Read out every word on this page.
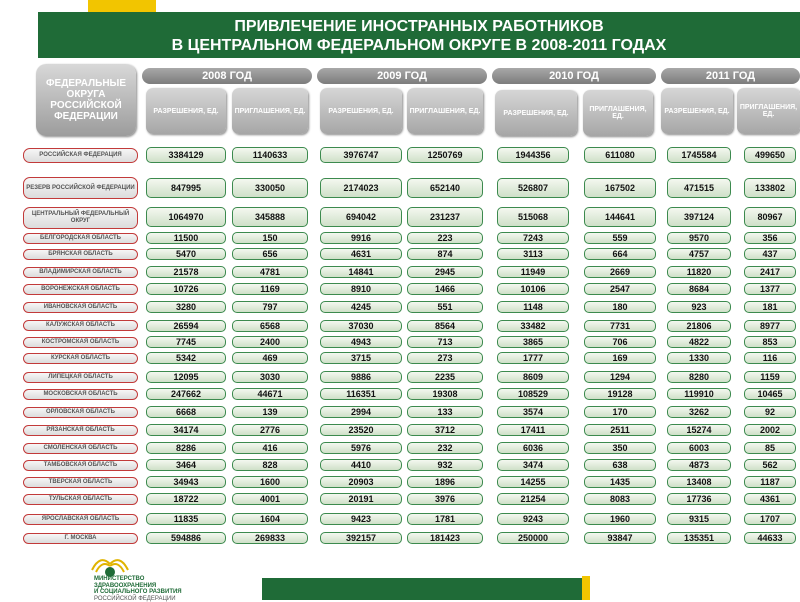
ПРИВЛЕЧЕНИЕ ИНОСТРАННЫХ РАБОТНИКОВ
В ЦЕНТРАЛЬНОМ ФЕДЕРАЛЬНОМ ОКРУГЕ В 2008-2011 ГОДАХ
ФЕДЕРАЛЬНЫЕ ОКРУГА РОССИЙСКОЙ ФЕДЕРАЦИИ
2008 ГОД	2009 ГОД	2010 ГОД	2011 ГОД
РАЗРЕШЕНИЯ, ЕД.	ПРИГЛАШЕНИЯ, ЕД.	РАЗРЕШЕНИЯ, ЕД.	ПРИГЛАШЕНИЯ, ЕД.	РАЗРЕШЕНИЯ, ЕД.	ПРИГЛАШЕНИЯ, ЕД.
РАЗРЕШЕНИЯ, ЕД.	ПРИГЛАШЕНИЯ, ЕД.
РОССИЙСКАЯ ФЕДЕРАЦИЯ	3384129	1140633	3976747	1250769	1944356	611080	1745584	499650
РЕЗЕРВ РОССИЙСКОЙ ФЕДЕРАЦИИ	847995	330050	2174023	652140	526807	167502	471515	133802
ЦЕНТРАЛЬНЫЙ ФЕДЕРАЛЬНЫЙ ОКРУГ	1064970	345888	694042	231237	515068	144641	397124	80967
БЕЛГОРОДСКАЯ ОБЛАСТЬ	11500	150	9916	223	7243	559	9570	356
БРЯНСКАЯ ОБЛАСТЬ	5470	656	4631	874	3113	664	4757	437
ВЛАДИМИРСКАЯ ОБЛАСТЬ	21578	4781	14841	2945	11949	2669	11820	2417
ВОРОНЕЖСКАЯ ОБЛАСТЬ	10726	1169	8910	1466	10106	2547	8684	1377
ИВАНОВСКАЯ ОБЛАСТЬ	3280	797	4245	551	1148	180	923	181
КАЛУЖСКАЯ ОБЛАСТЬ	26594	6568	37030	8564	33482	7731	21806	8977
КОСТРОМСКАЯ ОБЛАСТЬ	7745	2400	4943	713	3865	706	4822	853
КУРСКАЯ ОБЛАСТЬ	5342	469	3715	273	1777	169	1330	116
ЛИПЕЦКАЯ ОБЛАСТЬ	12095	3030	9886	2235	8609	1294	8280	1159
МОСКОВСКАЯ ОБЛАСТЬ	247662	44671	116351	19308	108529	19128	119910	10465
ОРЛОВСКАЯ ОБЛАСТЬ	6668	139	2994	133	3574	170	3262	92
РЯЗАНСКАЯ ОБЛАСТЬ	34174	2776	23520	3712	17411	2511	15274	2002
СМОЛЕНСКАЯ ОБЛАСТЬ	8286	416	5976	232	6036	350	6003	85
ТАМБОВСКАЯ ОБЛАСТЬ	3464	828	4410	932	3474	638	4873	562
ТВЕРСКАЯ ОБЛАСТЬ	34943	1600	20903	1896	14255	1435	13408	1187
ТУЛЬСКАЯ ОБЛАСТЬ	18722	4001	20191	3976	21254	8083	17736	4361
ЯРОСЛАВСКАЯ ОБЛАСТЬ	11835	1604	9423	1781	9243	1960	9315	1707
Г. МОСКВА	594886	269833	392157	181423	250000	93847	135351	44633
МИНИСТЕРСТВО
ЗДРАВООХРАНЕНИЯ
И СОЦИАЛЬНОГО РАЗВИТИЯ
РОССИЙСКОЙ ФЕДЕРАЦИИ
